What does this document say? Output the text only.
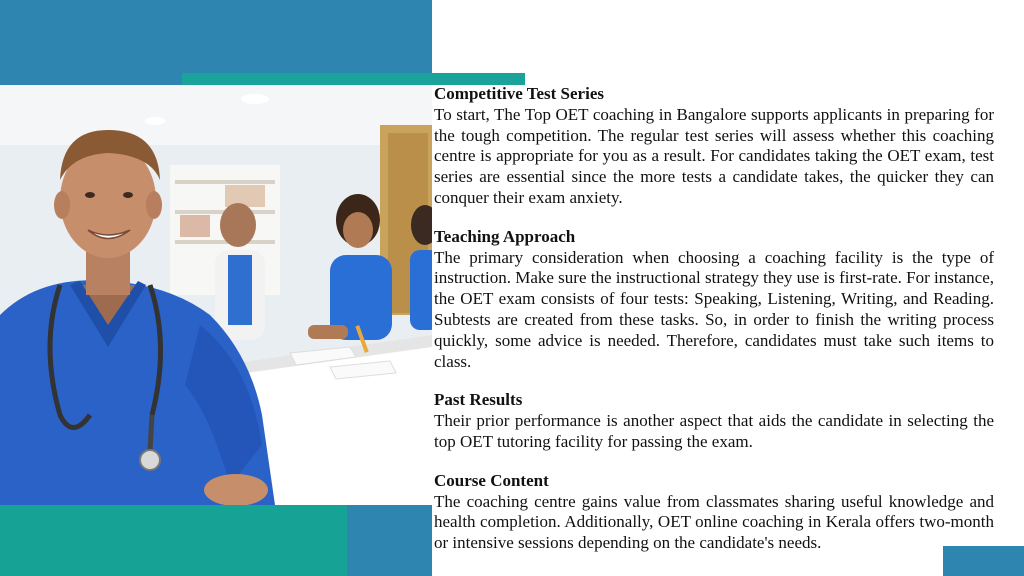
Competitive Test Series
To start, The Top OET coaching in Bangalore supports applicants in preparing for the tough competition. The regular test series will assess whether this coaching centre is appropriate for you as a result. For candidates taking the OET exam, test series are essential since the more tests a candidate takes, the quicker they can conquer their exam anxiety.
Teaching Approach
The primary consideration when choosing a coaching facility is the type of instruction. Make sure the instructional strategy they use is first-rate. For instance, the OET exam consists of four tests: Speaking, Listening, Writing, and Reading. Subtests are created from these tasks. So, in order to finish the writing process quickly, some advice is needed. Therefore, candidates must take such items to class.
Past Results
Their prior performance is another aspect that aids the candidate in selecting the top OET tutoring facility for passing the exam.
Course Content
The coaching centre gains value from classmates sharing useful knowledge and health completion. Additionally, OET online coaching in Kerala offers two-month or intensive sessions depending on the candidate's needs.
